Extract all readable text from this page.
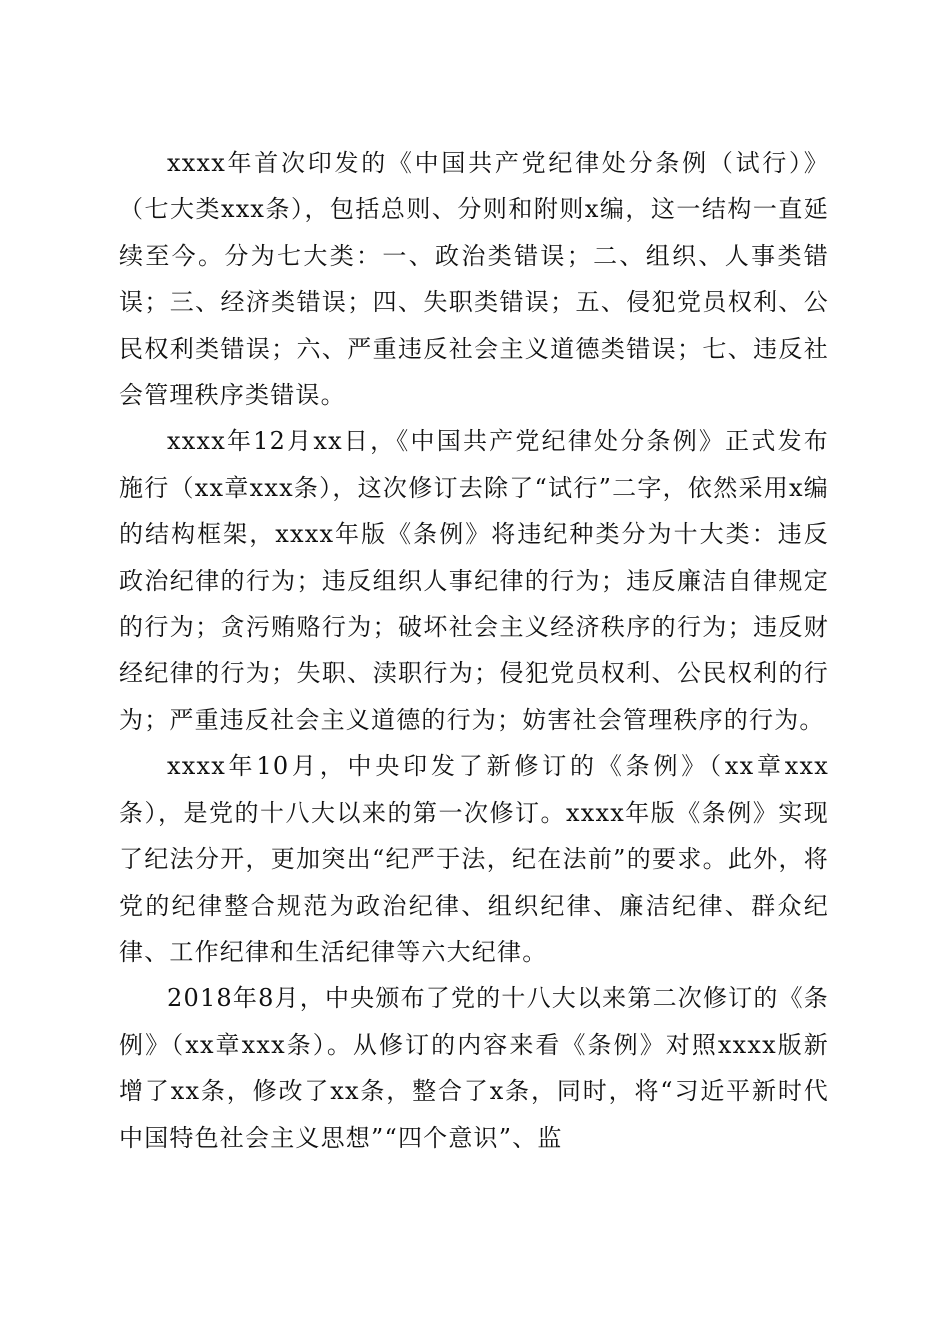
xxxx年首次印发的《中国共产党纪律处分条例（试行）》（七大类xxx条），包括总则、分则和附则x编，这一结构一直延续至今。分为七大类：一、政治类错误；二、组织、人事类错误；三、经济类错误；四、失职类错误；五、侵犯党员权利、公民权利类错误；六、严重违反社会主义道德类错误；七、违反社会管理秩序类错误。

xxxx年12月xx日，《中国共产党纪律处分条例》正式发布施行（xx章xxx条），这次修订去除了“试行”二字，依然采用x编的结构框架，xxxx年版《条例》将违纪种类分为十大类：违反政治纪律的行为；违反组织人事纪律的行为；违反廉洁自律规定的行为；贪污贿赂行为；破坏社会主义经济秩序的行为；违反财经纪律的行为；失职、渎职行为；侵犯党员权利、公民权利的行为；严重违反社会主义道德的行为；妨害社会管理秩序的行为。

xxxx年10月，中央印发了新修订的《条例》（xx章xxx条），是党的十八大以来的第一次修订。xxxx年版《条例》实现了纪法分开，更加突出“纪严于法，纪在法前”的要求。此外，将党的纪律整合规范为政治纪律、组织纪律、廉洁纪律、群众纪律、工作纪律和生活纪律等六大纪律。

2018年8月，中央颁布了党的十八大以来第二次修订的《条例》（xx章xxx条）。从修订的内容来看《条例》对照xxxx版新增了xx条，修改了xx条，整合了x条，同时，将“习近平新时代中国特色社会主义思想”“四个意识”、监
